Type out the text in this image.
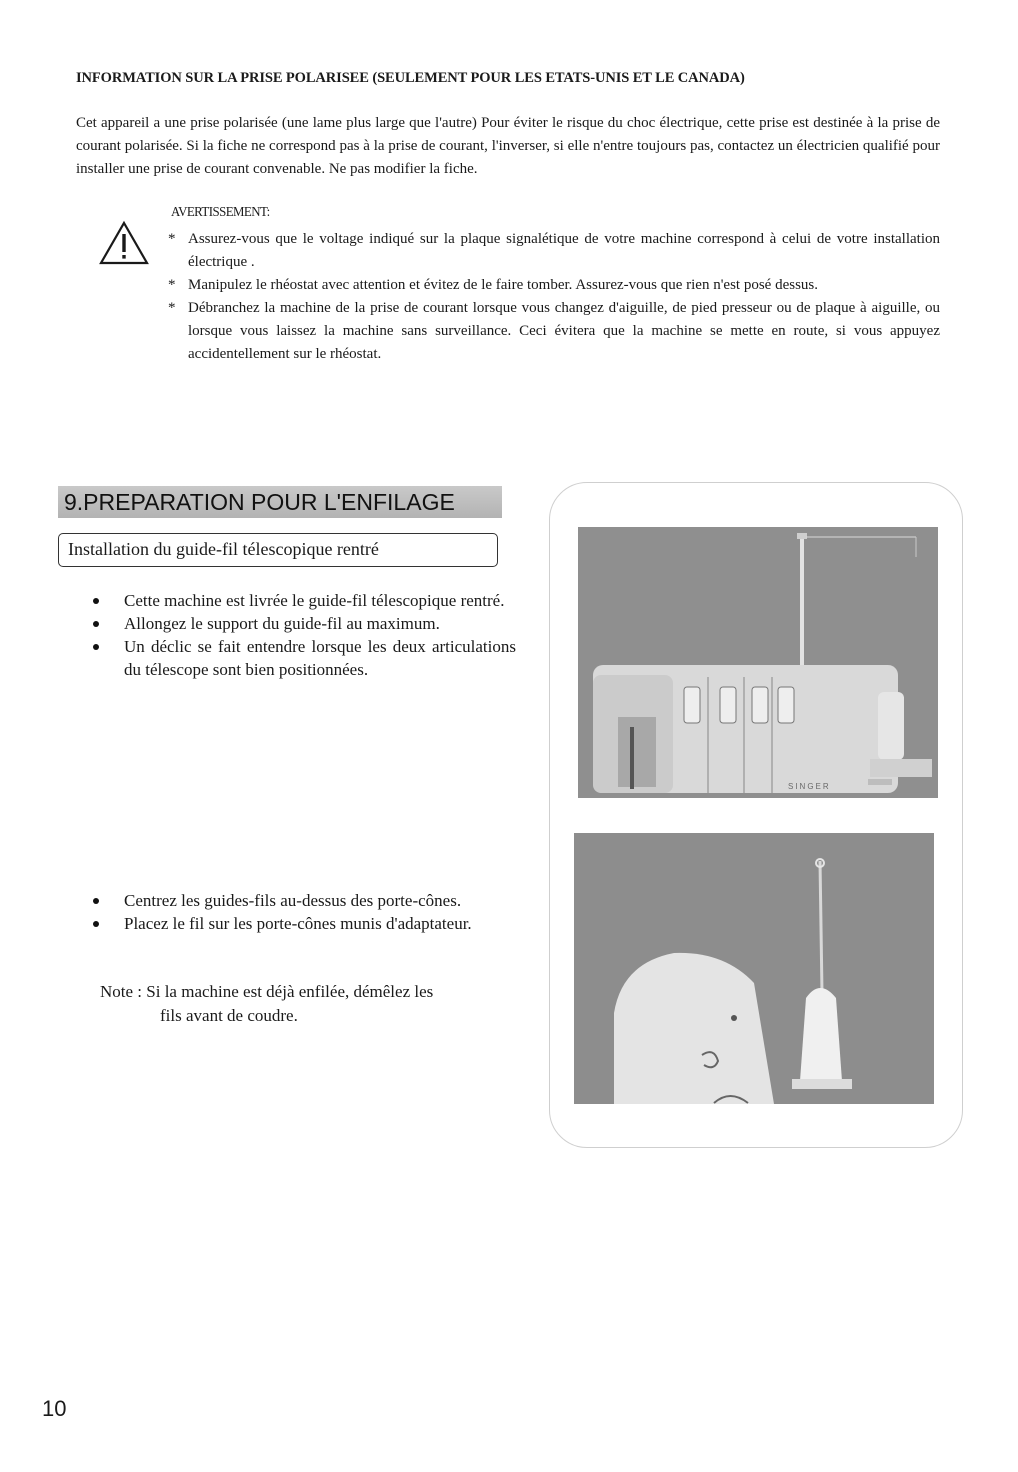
INFORMATION SUR LA PRISE POLARISEE (SEULEMENT POUR LES ETATS-UNIS ET LE CANADA)

Cet appareil a une prise polarisée (une lame plus large que l'autre) Pour éviter le risque du choc électrique, cette prise est destinée à la prise de courant polarisée. Si la fiche ne correspond pas à la prise de courant, l'inverser, si elle n'entre toujours pas, contactez un électricien qualifié pour installer une prise de courant convenable. Ne pas modifier la fiche.

AVERTISSEMENT:
* Assurez-vous que le voltage indiqué sur la plaque signalétique de votre machine correspond à celui de votre installation électrique .
* Manipulez le rhéostat avec attention et évitez de le faire tomber. Assurez-vous que rien n'est posé dessus.
* Débranchez la machine de la prise de courant lorsque vous changez d'aiguille, de pied presseur ou de plaque à aiguille, ou lorsque vous laissez la machine sans surveillance. Ceci évitera que la machine se mette en route, si vous appuyez accidentellement sur le rhéostat.
9.PREPARATION POUR L'ENFILAGE
Installation du guide-fil télescopique rentré
Cette machine est livrée le guide-fil télescopique rentré.
Allongez le support du guide-fil au maximum.
Un déclic se fait entendre lorsque les deux articulations du télescope sont bien positionnées.
Centrez les guides-fils au-dessus des porte-cônes.
Placez le fil sur les porte-cônes munis d'adaptateur.
Note : Si la machine est déjà enfilée, démêlez les
fils avant de coudre.
SINGER
10
